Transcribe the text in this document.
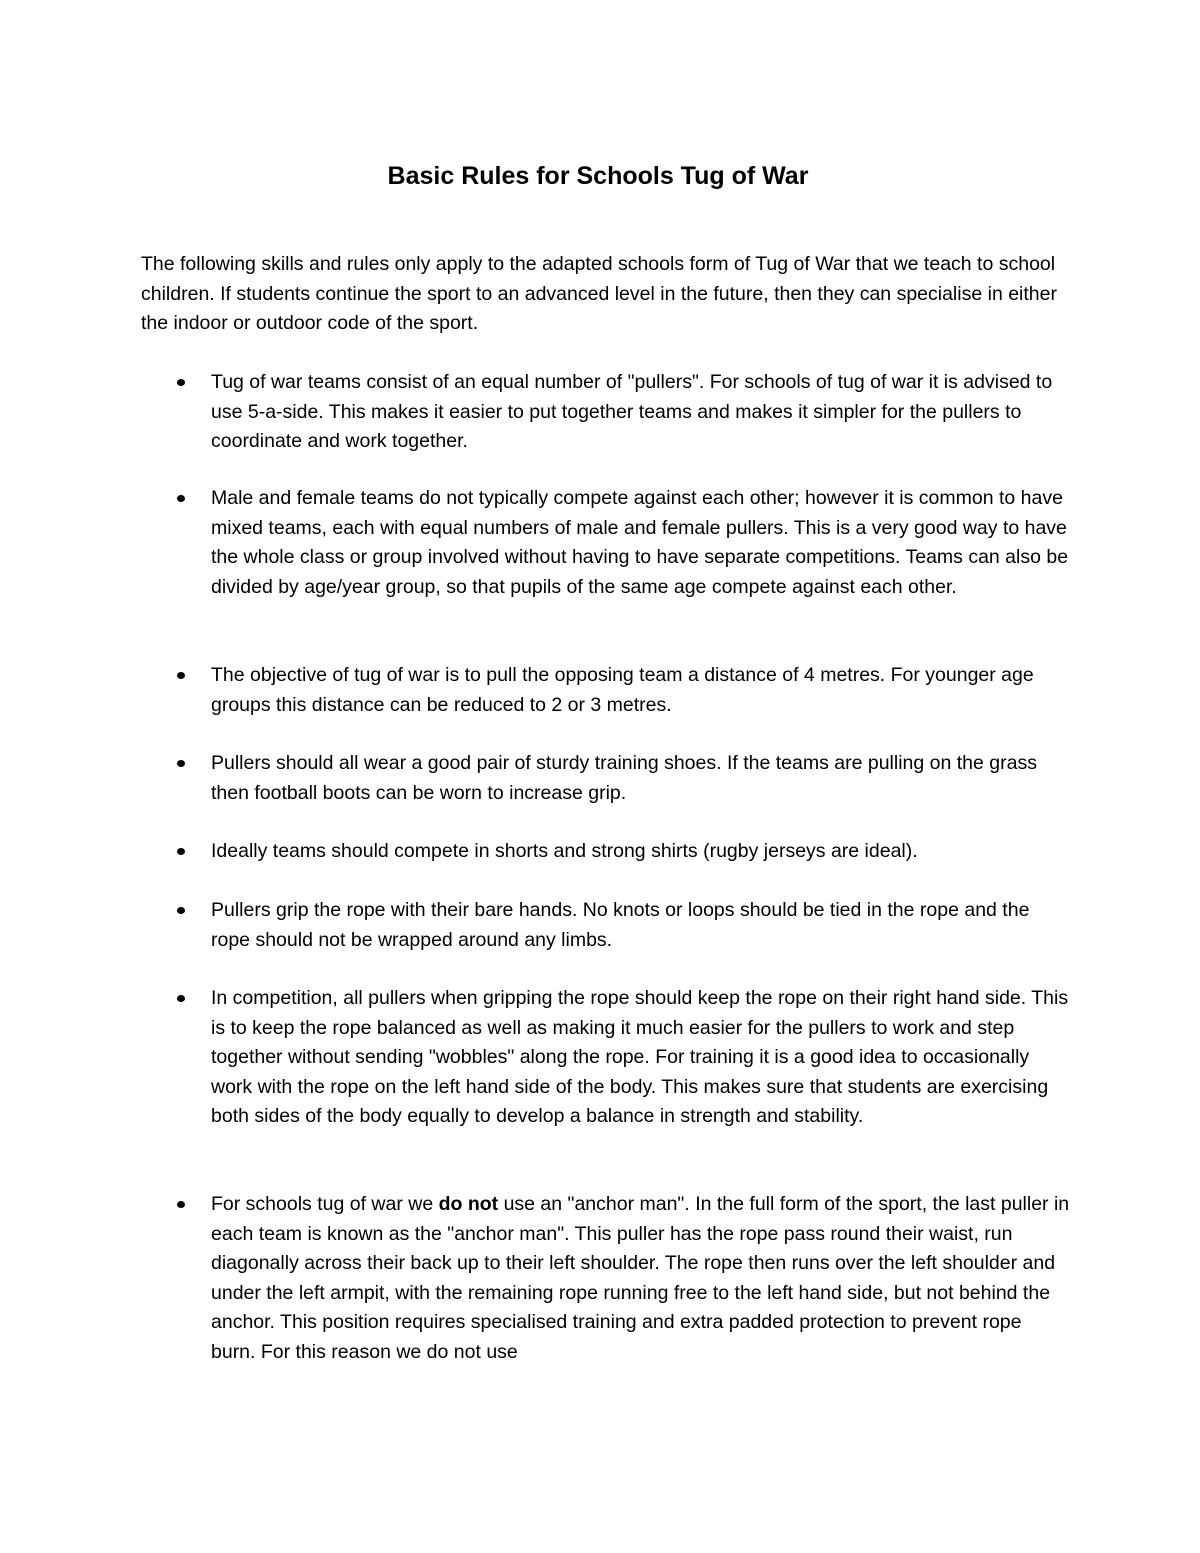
Basic Rules for Schools Tug of War

The following skills and rules only apply to the adapted schools form of Tug of War that we teach to school children. If students continue the sport to an advanced level in the future, then they can specialise in either the indoor or outdoor code of the sport.

Tug of war teams consist of an equal number of "pullers". For schools of tug of war it is advised to use 5-a-side. This makes it easier to put together teams and makes it simpler for the pullers to coordinate and work together.
Male and female teams do not typically compete against each other; however it is common to have mixed teams, each with equal numbers of male and female pullers. This is a very good way to have the whole class or group involved without having to have separate competitions. Teams can also be divided by age/year group, so that pupils of the same age compete against each other.
The objective of tug of war is to pull the opposing team a distance of 4 metres. For younger age groups this distance can be reduced to 2 or 3 metres.
Pullers should all wear a good pair of sturdy training shoes. If the teams are pulling on the grass then football boots can be worn to increase grip.
Ideally teams should compete in shorts and strong shirts (rugby jerseys are ideal).
Pullers grip the rope with their bare hands. No knots or loops should be tied in the rope and the rope should not be wrapped around any limbs.
In competition, all pullers when gripping the rope should keep the rope on their right hand side. This is to keep the rope balanced as well as making it much easier for the pullers to work and step together without sending "wobbles" along the rope. For training it is a good idea to occasionally work with the rope on the left hand side of the body. This makes sure that students are exercising both sides of the body equally to develop a balance in strength and stability.
For schools tug of war we do not use an "anchor man". In the full form of the sport, the last puller in each team is known as the "anchor man". This puller has the rope pass round their waist, run diagonally across their back up to their left shoulder. The rope then runs over the left shoulder and under the left armpit, with the remaining rope running free to the left hand side, but not behind the anchor. This position requires specialised training and extra padded protection to prevent rope burn. For this reason we do not use
